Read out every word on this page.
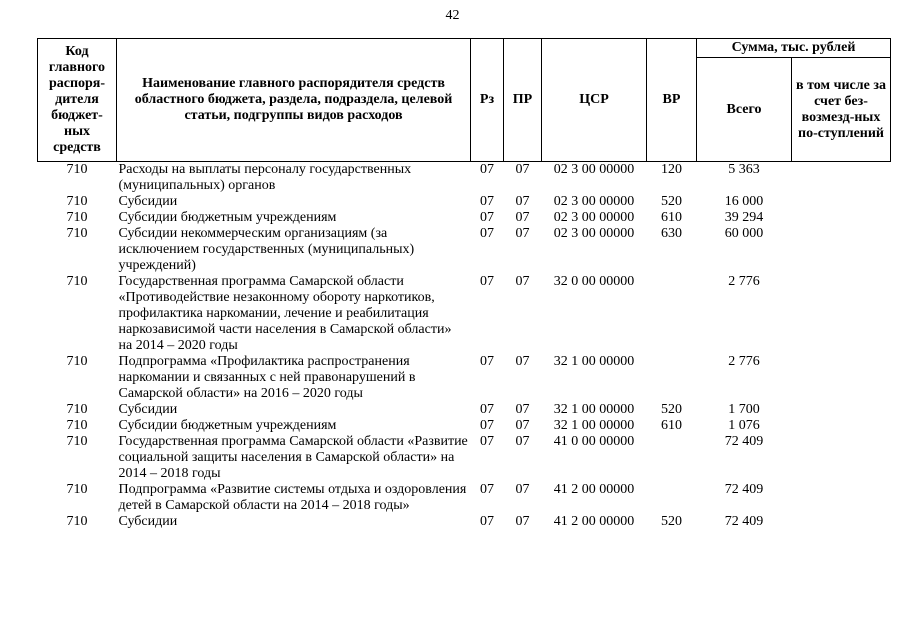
42
Код главного распоря-дителя бюджет-ных средств	Наименование главного распорядителя средств областного бюджета, раздела, подраздела, целевой статьи, подгруппы видов расходов	Рз	ПР	ЦСР	ВР	Сумма, тыс. рублей	
						Всего	в том числе за счет без-возмезд-ных по-ступлений
710	Расходы на выплаты персоналу государственных (муниципальных) органов	07	07	02 3 00 00000	120	5 363	
710	Субсидии	07	07	02 3 00 00000	520	16 000	
710	Субсидии бюджетным учреждениям	07	07	02 3 00 00000	610	39 294	
710	Субсидии некоммерческим организациям (за исключением государственных (муниципальных) учреждений)	07	07	02 3 00 00000	630	60 000	
710	Государственная программа Самарской области «Противодействие незаконному обороту наркотиков, профилактика наркомании, лечение и реабилитация наркозависимой части населения в Самарской области» на 2014 – 2020 годы	07	07	32 0 00 00000		2 776	
710	Подпрограмма «Профилактика распространения наркомании и связанных с ней правонарушений в Самарской области» на 2016 – 2020 годы	07	07	32 1 00 00000		2 776	
710	Субсидии	07	07	32 1 00 00000	520	1 700	
710	Субсидии бюджетным учреждениям	07	07	32 1 00 00000	610	1 076	
710	Государственная программа Самарской области «Развитие социальной защиты населения в Самарской области» на 2014 – 2018 годы	07	07	41 0 00 00000		72 409	
710	Подпрограмма «Развитие системы отдыха и оздоровления детей в Самарской области на 2014 – 2018 годы»	07	07	41 2 00 00000		72 409	
710	Субсидии	07	07	41 2 00 00000	520	72 409	
